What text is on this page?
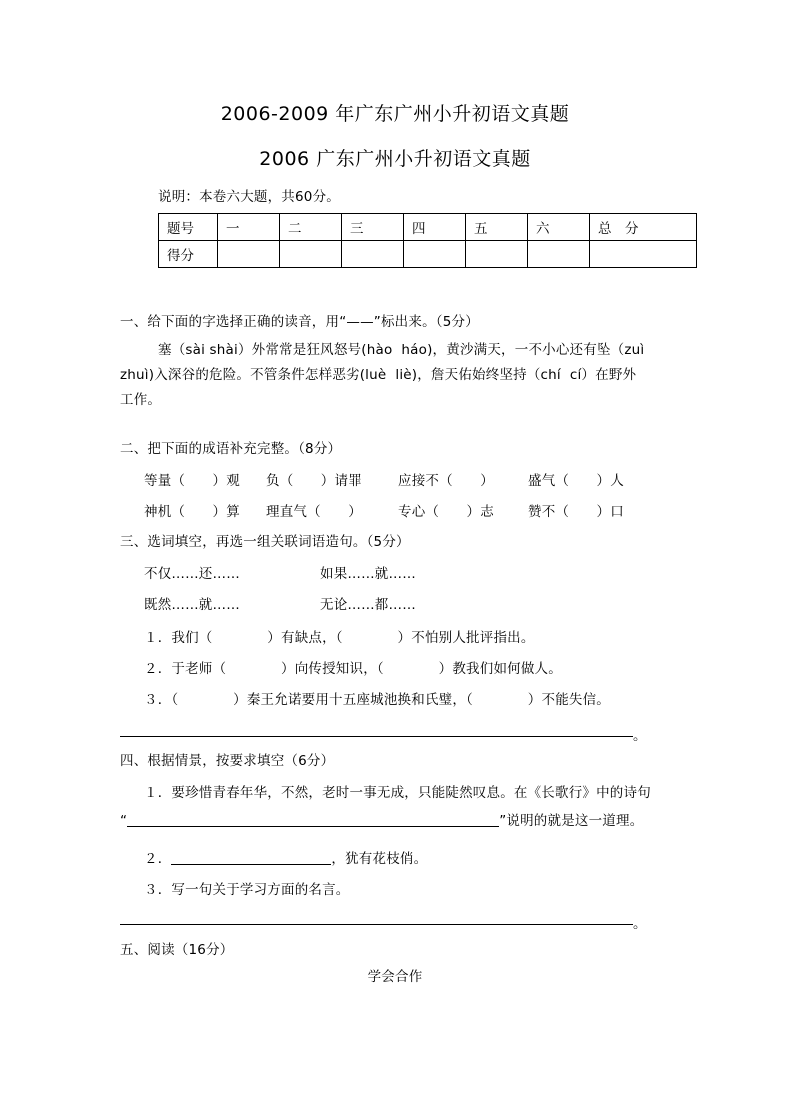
2006-2009 年广东广州小升初语文真题
2006 广东广州小升初语文真题
说明：本卷六大题，共60分。
题号	一	二	三	四	五	六	总　分
得分							
一、给下面的字选择正确的读音，用“——”标出来。（5分）
塞（sài shài）外常常是狂风怒号(hào  háo)，黄沙满天，一不小心还有坠（zuì
zhuì)入深谷的危险。不管条件怎样恶劣(luè  liè)，詹天佑始终坚持（chí  cí）在野外
工作。
二、把下面的成语补充完整。（8分）
等量（　　）观 负（　　）请罪	应接不（　　）	盛气（　　）人
神机（　　）算 理直气（　　）	专心（　　）志	赞不（　　）口
三、选词填空，再选一组关联词语造句。（5分）
不仅……还……	如果……就……
既然……就……	无论……都……
１．我们（　　　　）有缺点，（　　　　）不怕别人批评指出。
２．于老师（　　　　）向传授知识，（　　　　）教我们如何做人。
３．（　　　　）秦王允诺要用十五座城池换和氏璧，（　　　　）不能失信。
。
四、根据情景，按要求填空（6分）
１．要珍惜青春年华，不然，老时一事无成，只能陡然叹息。在《长歌行》中的诗句
“	”说明的就是这一道理。
２．	，犹有花枝俏。
３．写一句关于学习方面的名言。
。
五、阅读（16分）
学会合作
